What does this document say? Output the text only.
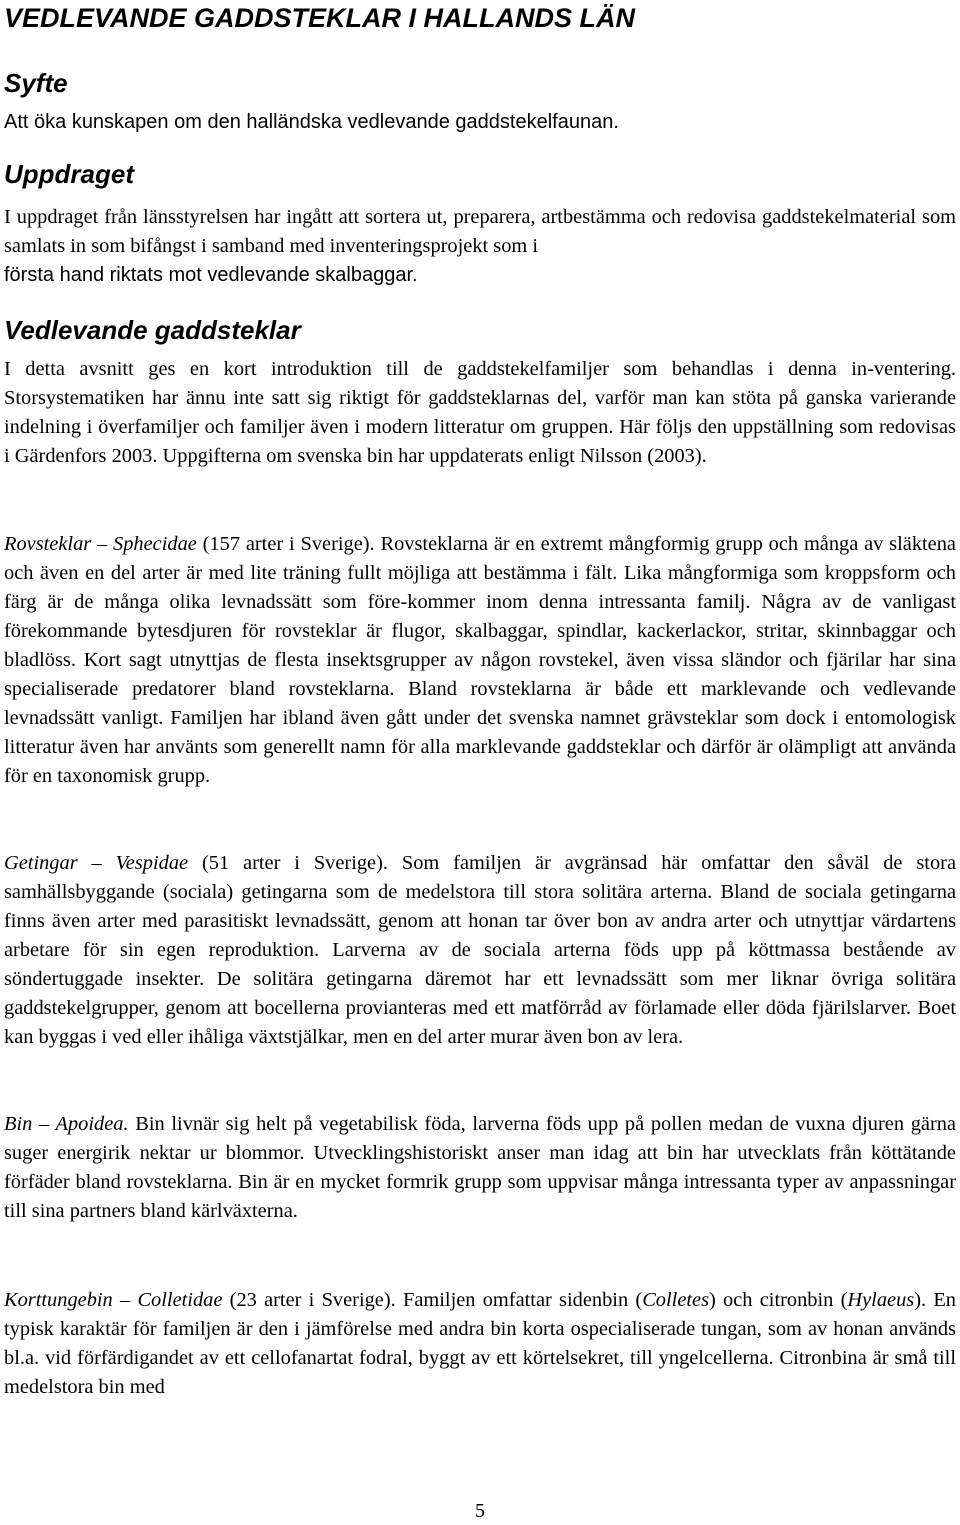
VEDLEVANDE GADDSTEKLAR I HALLANDS LÄN
Syfte

Att öka kunskapen om den halländska vedlevande gaddstekelfaunan.

Uppdraget

I uppdraget från länsstyrelsen har ingått att sortera ut, preparera, artbestämma och redovisa gaddstekelmaterial som samlats in som bifångst i samband med inventeringsprojekt som i

första hand riktats mot vedlevande skalbaggar.

Vedlevande gaddsteklar

I detta avsnitt ges en kort introduktion till de gaddstekelfamiljer som behandlas i denna in-ventering. Storsystematiken har ännu inte satt sig riktigt för gaddsteklarnas del, varför man kan stöta på ganska varierande indelning i överfamiljer och familjer även i modern litteratur om gruppen. Här följs den uppställning som redovisas i Gärdenfors 2003. Uppgifterna om svenska bin har uppdaterats enligt Nilsson (2003).

Rovsteklar – Sphecidae (157 arter i Sverige). Rovsteklarna är en extremt mångformig grupp och många av släktena och även en del arter är med lite träning fullt möjliga att bestämma i fält. Lika mångformiga som kroppsform och färg är de många olika levnadssätt som före-kommer inom denna intressanta familj. Några av de vanligast förekommande bytesdjuren för rovsteklar är flugor, skalbaggar, spindlar, kackerlackor, stritar, skinnbaggar och bladlöss. Kort sagt utnyttjas de flesta insektsgrupper av någon rovstekel, även vissa sländor och fjärilar har sina specialiserade predatorer bland rovsteklarna. Bland rovsteklarna är både ett marklevande och vedlevande levnadssätt vanligt. Familjen har ibland även gått under det svenska namnet grävsteklar som dock i entomologisk litteratur även har använts som generellt namn för alla marklevande gaddsteklar och därför är olämpligt att använda för en taxonomisk grupp.

Getingar – Vespidae (51 arter i Sverige). Som familjen är avgränsad här omfattar den såväl de stora samhällsbyggande (sociala) getingarna som de medelstora till stora solitära arterna. Bland de sociala getingarna finns även arter med parasitiskt levnadssätt, genom att honan tar över bon av andra arter och utnyttjar värdartens arbetare för sin egen reproduktion. Larverna av de sociala arterna föds upp på köttmassa bestående av söndertuggade insekter. De solitära getingarna däremot har ett levnadssätt som mer liknar övriga solitära gaddstekelgrupper, genom att bocellerna provianteras med ett matförråd av förlamade eller döda fjärilslarver. Boet kan byggas i ved eller ihåliga växtstjälkar, men en del arter murar även bon av lera.

Bin – Apoidea. Bin livnär sig helt på vegetabilisk föda, larverna föds upp på pollen medan de vuxna djuren gärna suger energirik nektar ur blommor. Utvecklingshistoriskt anser man idag att bin har utvecklats från köttätande förfäder bland rovsteklarna. Bin är en mycket formrik grupp som uppvisar många intressanta typer av anpassningar till sina partners bland kärlväxterna.

Korttungebin – Colletidae (23 arter i Sverige). Familjen omfattar sidenbin (Colletes) och citronbin (Hylaeus). En typisk karaktär för familjen är den i jämförelse med andra bin korta ospecialiserade tungan, som av honan används bl.a. vid förfärdigandet av ett cellofanartat fodral, byggt av ett körtelsekret, till yngelcellerna. Citronbina är små till medelstora bin med

5
